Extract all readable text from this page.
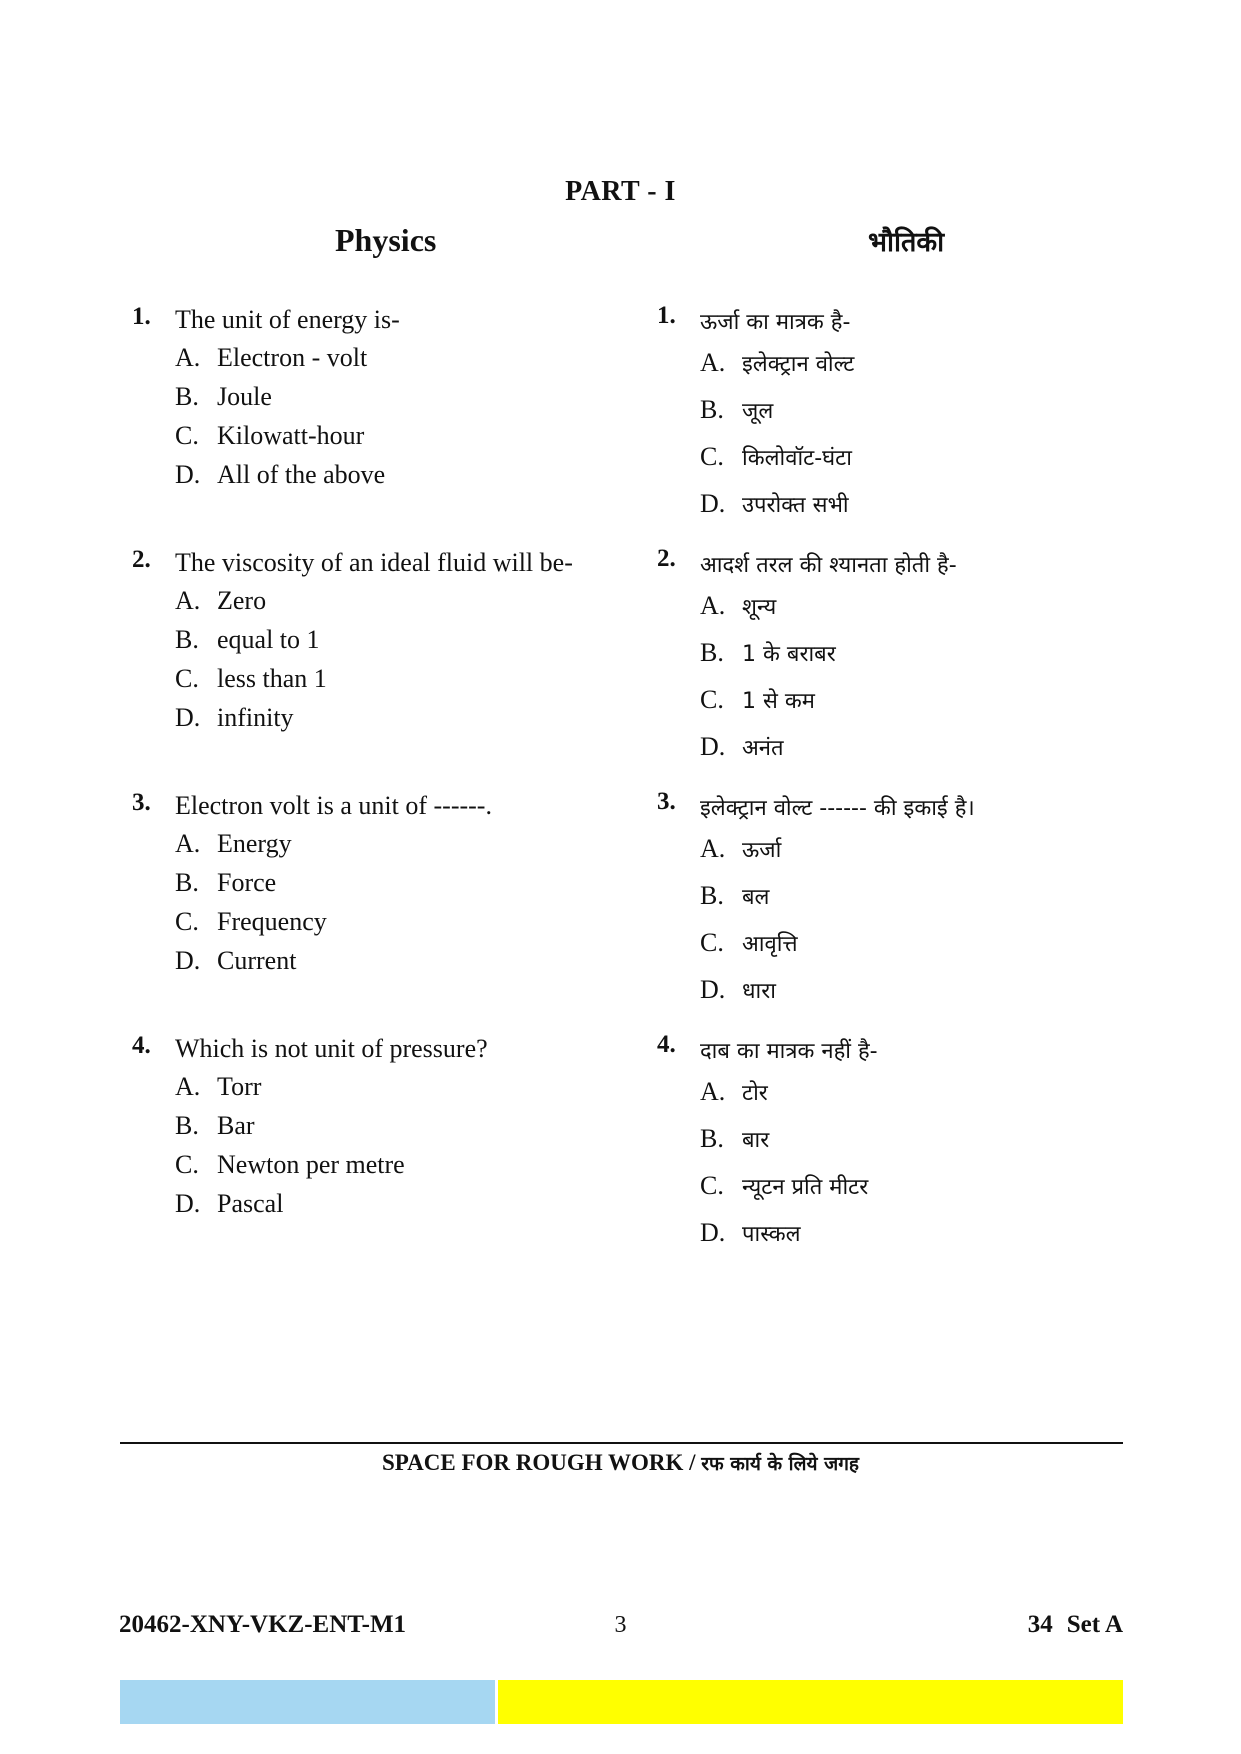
PART - I
Physics	भौतिकी
1. The unit of energy is-
A. Electron - volt
B. Joule
C. Kilowatt-hour
D. All of the above
2. The viscosity of an ideal fluid will be-
A. Zero
B. equal to 1
C. less than 1
D. infinity
3. Electron volt is a unit of ------.
A. Energy
B. Force
C. Frequency
D. Current
4. Which is not unit of pressure?
A. Torr
B. Bar
C. Newton per metre
D. Pascal
1. ऊर्जा का मात्रक है-
A. इलेक्ट्रान वोल्ट
B. जूल
C. किलोवॉट-घंटा
D. उपरोक्त सभी
2. आदर्श तरल की श्यानता होती है-
A. शून्य
B. 1 के बराबर
C. 1 से कम
D. अनंत
3. इलेक्ट्रान वोल्ट ------ की इकाई है।
A. ऊर्जा
B. बल
C. आवृत्ति
D. धारा
4. दाब का मात्रक नहीं है-
A. टोर
B. बार
C. न्यूटन प्रति मीटर
D. पास्कल
SPACE FOR ROUGH WORK / रफ कार्य के लिये जगह
20462-XNY-VKZ-ENT-M1	3	34 Set A
